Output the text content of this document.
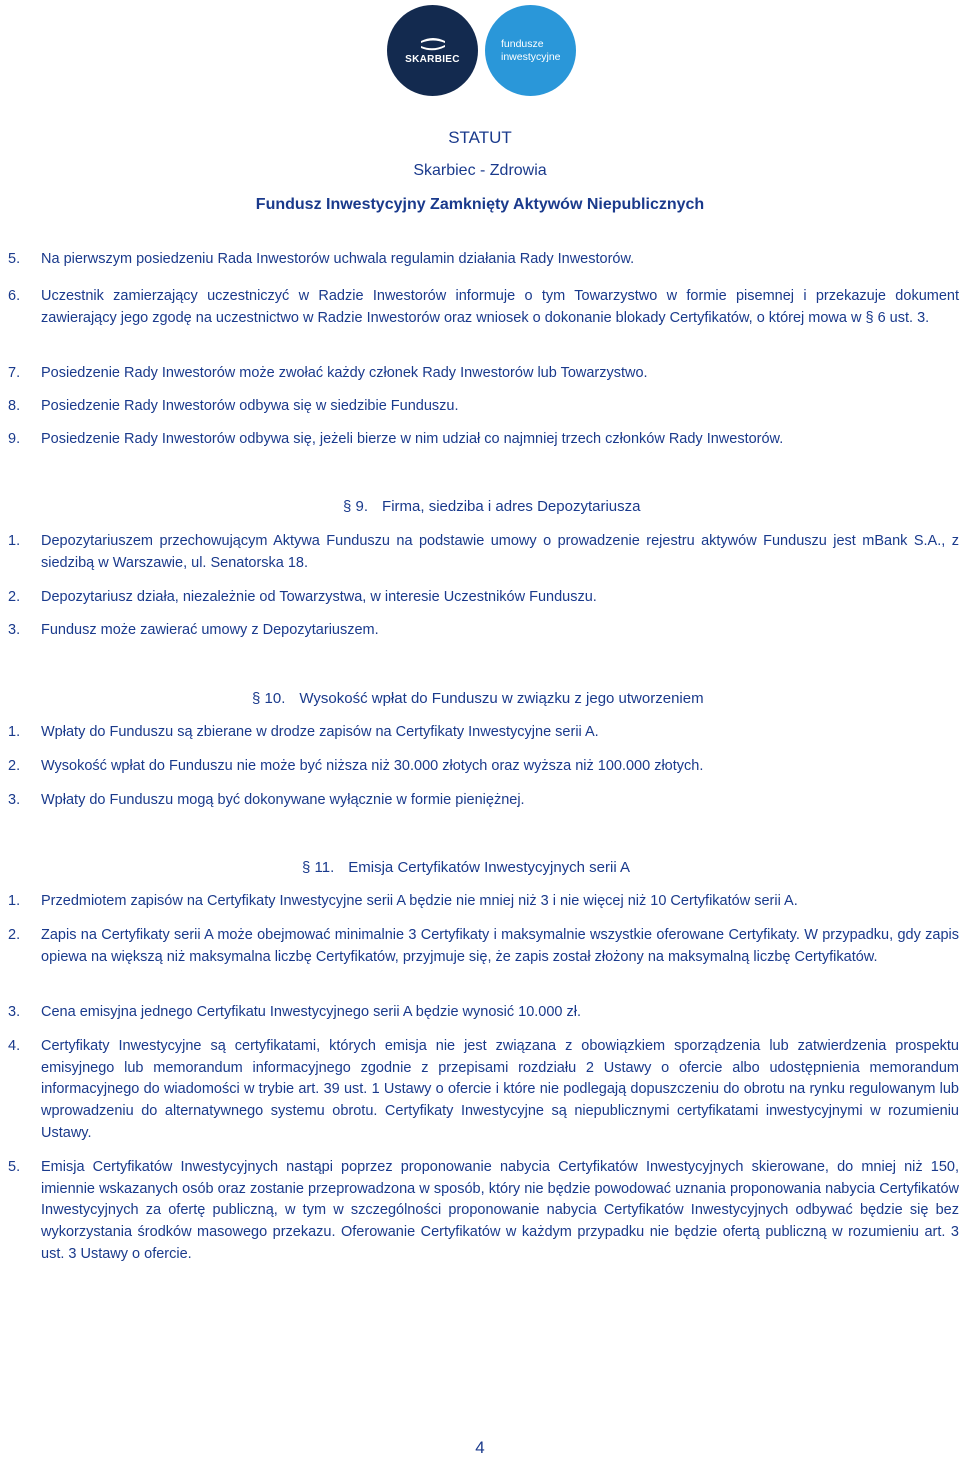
SKARBIEC
fundusze
inwestycyjne
STATUT
Skarbiec - Zdrowia
Fundusz Inwestycyjny Zamknięty Aktywów Niepublicznych
5. Na pierwszym posiedzeniu Rada Inwestorów uchwala regulamin działania Rady Inwestorów.
6. Uczestnik zamierzający uczestniczyć w Radzie Inwestorów informuje o tym Towarzystwo w formie pisemnej i przekazuje dokument zawierający jego zgodę na uczestnictwo w Radzie Inwestorów oraz wniosek o dokonanie blokady Certyfikatów, o której mowa w § 6 ust. 3.
7. Posiedzenie Rady Inwestorów może zwołać każdy członek Rady Inwestorów lub Towarzystwo.
8. Posiedzenie Rady Inwestorów odbywa się w siedzibie Funduszu.
9. Posiedzenie Rady Inwestorów odbywa się, jeżeli bierze w nim udział co najmniej trzech członków Rady Inwestorów.
§ 9. Firma, siedziba i adres Depozytariusza
1. Depozytariuszem przechowującym Aktywa Funduszu na podstawie umowy o prowadzenie rejestru aktywów Funduszu jest mBank S.A., z siedzibą w Warszawie, ul. Senatorska 18.
2. Depozytariusz działa, niezależnie od Towarzystwa, w interesie Uczestników Funduszu.
3. Fundusz może zawierać umowy z Depozytariuszem.
§ 10. Wysokość wpłat do Funduszu w związku z jego utworzeniem
1. Wpłaty do Funduszu są zbierane w drodze zapisów na Certyfikaty Inwestycyjne serii A.
2. Wysokość wpłat do Funduszu nie może być niższa niż 30.000 złotych oraz wyższa niż 100.000 złotych.
3. Wpłaty do Funduszu mogą być dokonywane wyłącznie w formie pieniężnej.
§ 11. Emisja Certyfikatów Inwestycyjnych serii A
1. Przedmiotem zapisów na Certyfikaty Inwestycyjne serii A będzie nie mniej niż 3 i nie więcej niż 10 Certyfikatów serii A.
2. Zapis na Certyfikaty serii A może obejmować minimalnie 3 Certyfikaty i maksymalnie wszystkie oferowane Certyfikaty. W przypadku, gdy zapis opiewa na większą niż maksymalna liczbę Certyfikatów, przyjmuje się, że zapis został złożony na maksymalną liczbę Certyfikatów.
3. Cena emisyjna jednego Certyfikatu Inwestycyjnego serii A będzie wynosić 10.000 zł.
4. Certyfikaty Inwestycyjne są certyfikatami, których emisja nie jest związana z obowiązkiem sporządzenia lub zatwierdzenia prospektu emisyjnego lub memorandum informacyjnego zgodnie z przepisami rozdziału 2 Ustawy o ofercie albo udostępnienia memorandum informacyjnego do wiadomości w trybie art. 39 ust. 1 Ustawy o ofercie i które nie podlegają dopuszczeniu do obrotu na rynku regulowanym lub wprowadzeniu do alternatywnego systemu obrotu. Certyfikaty Inwestycyjne są niepublicznymi certyfikatami inwestycyjnymi w rozumieniu Ustawy.
5. Emisja Certyfikatów Inwestycyjnych nastąpi poprzez proponowanie nabycia Certyfikatów Inwestycyjnych skierowane, do mniej niż 150, imiennie wskazanych osób oraz zostanie przeprowadzona w sposób, który nie będzie powodować uznania proponowania nabycia Certyfikatów Inwestycyjnych za ofertę publiczną, w tym w szczególności proponowanie nabycia Certyfikatów Inwestycyjnych odbywać będzie się bez wykorzystania środków masowego przekazu. Oferowanie Certyfikatów w każdym przypadku nie będzie ofertą publiczną w rozumieniu art. 3 ust. 3 Ustawy o ofercie.
4
